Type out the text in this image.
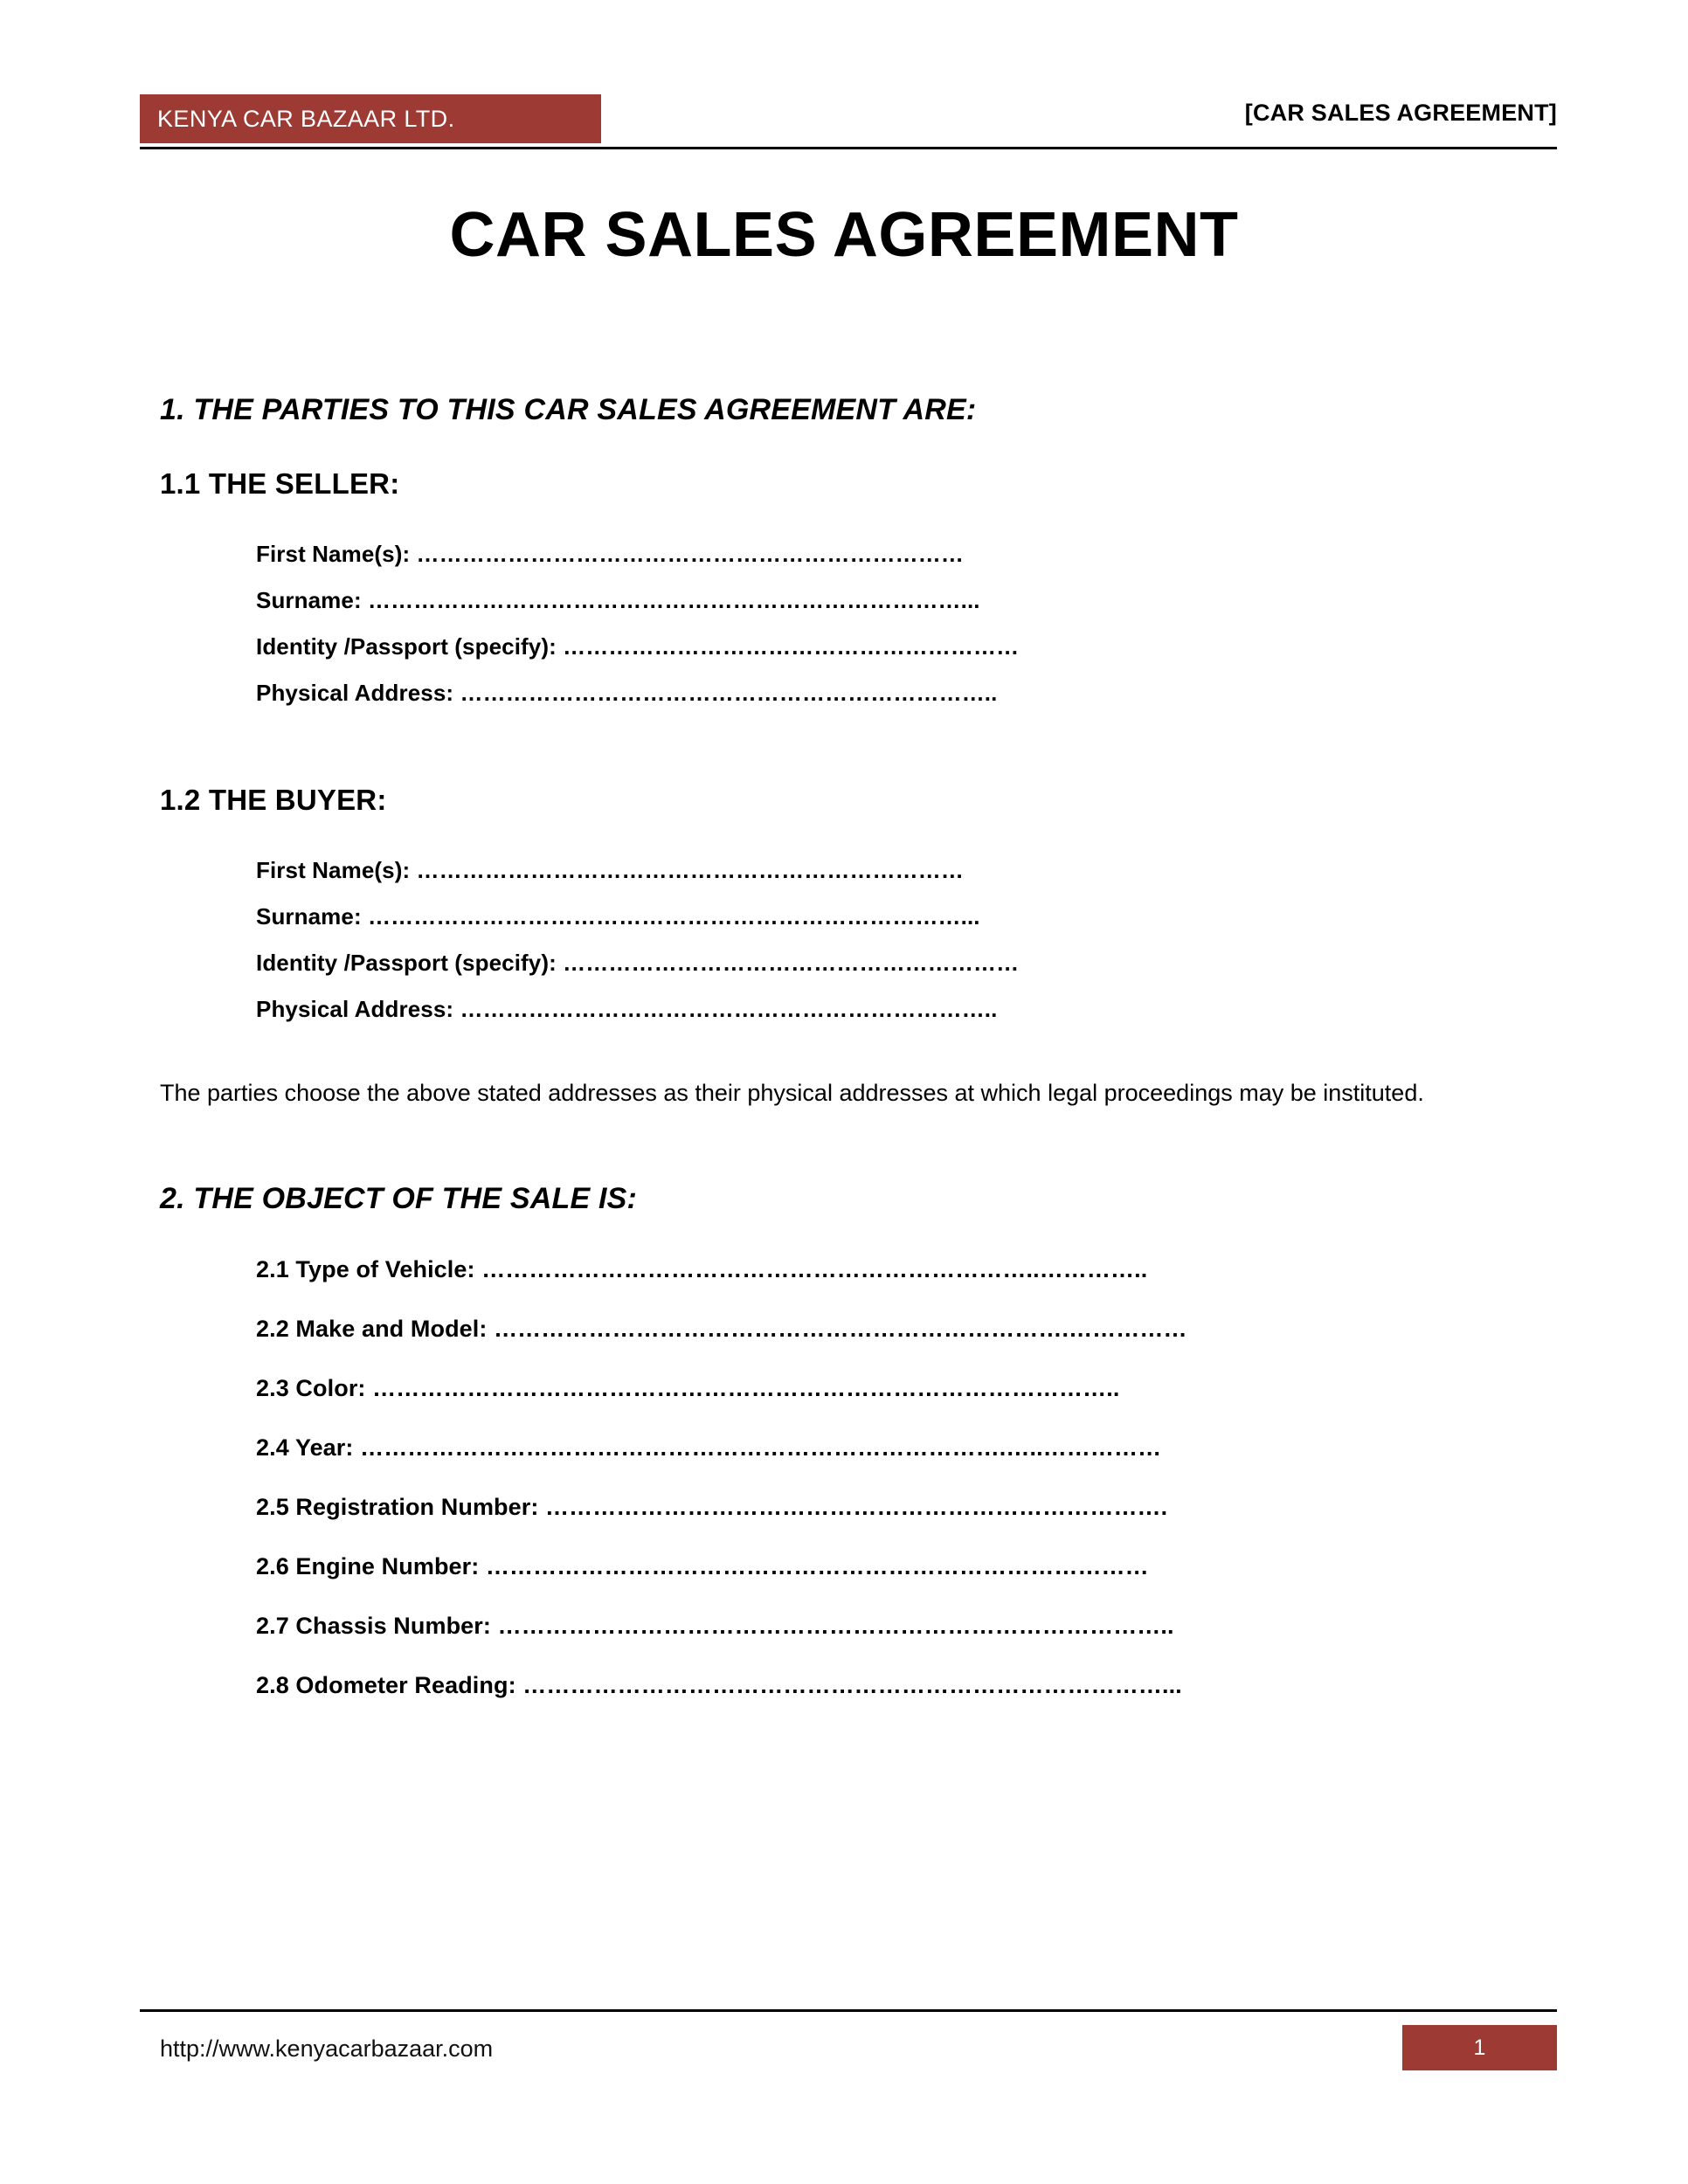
KENYA CAR BAZAAR LTD.	[CAR SALES AGREEMENT]
CAR SALES AGREEMENT
1. THE PARTIES TO THIS CAR SALES AGREEMENT ARE:
1.1 THE SELLER:
First Name(s): ………………………………………………………………
Surname: ……………………………………………………………………...
Identity /Passport (specify): ……………………………………………………
Physical Address: ……………………………………………………………..
1.2 THE BUYER:
First Name(s): ………………………………………………………………
Surname: ……………………………………………………………………...
Identity /Passport (specify): ……………………………………………………
Physical Address: ……………………………………………………………..

The parties choose the above stated addresses as their physical addresses at which legal proceedings may be instituted.

2. THE OBJECT OF THE SALE IS:
2.1 Type of Vehicle: ……………………………………………………………..…………..
2.2 Make and Model: ……………………………………………………………….……………
2.3 Color: …………………………………………………………………………………..
2.4 Year: ……………………………………………………………………….…..……………
2.5 Registration Number: …………………………………………………………………….
2.6 Engine Number: …………………………………………………………………………
2.7 Chassis Number: …………………………………………………………………………..
2.8 Odometer Reading: ………………………………………………………………………...
http://www.kenyacarbazaar.com	1
